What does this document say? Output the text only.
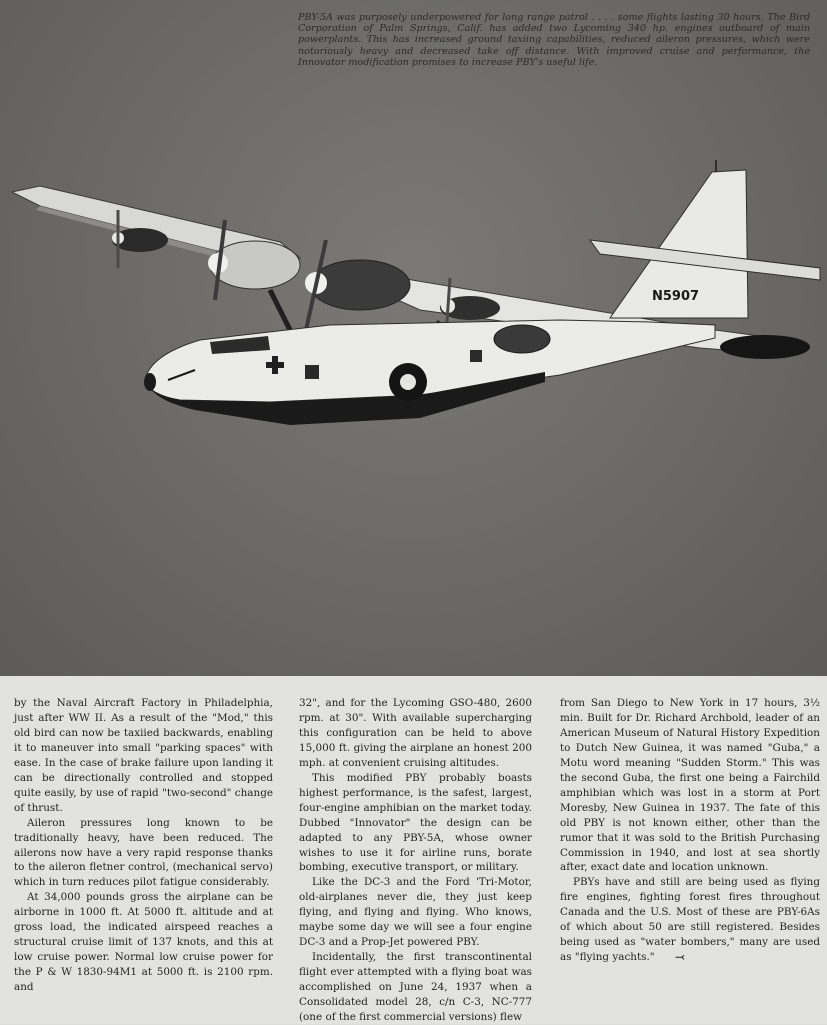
PBY-5A was purposely underpowered for long range patrol . . . . some flights lasting 30 hours. The Bird Corporation of Palm Springs, Calif. has added two Lycoming 340 hp. engines outboard of main powerplants. This has increased ground taxiing capabilities, reduced aileron pressures, which were notoriously heavy and decreased take off distance. With improved cruise and performance, the Innovator modification promises to increase PBY's useful life.

N5907

by the Naval Aircraft Factory in Philadelphia, just after WW II. As a result of the "Mod," this old bird can now be taxiied backwards, enabling it to maneuver into small "parking spaces" with ease. In the case of brake failure upon landing it can be directionally controlled and stopped quite easily, by use of rapid "two-second" change of thrust.

Aileron pressures long known to be traditionally heavy, have been reduced. The ailerons now have a very rapid response thanks to the aileron fletner control, (mechanical servo) which in turn reduces pilot fatigue considerably.

At 34,000 pounds gross the airplane can be airborne in 1000 ft. At 5000 ft. altitude and at gross load, the indicated airspeed reaches a structural cruise limit of 137 knots, and this at low cruise power. Normal low cruise power for the P & W 1830-94M1 at 5000 ft. is 2100 rpm. and

32", and for the Lycoming GSO-480, 2600 rpm. at 30". With available supercharging this configuration can be held to above 15,000 ft. giving the airplane an honest 200 mph. at convenient cruising altitudes.

This modified PBY probably boasts highest performance, is the safest, largest, four-engine amphibian on the market today. Dubbed "Innovator" the design can be adapted to any PBY-5A, whose owner wishes to use it for airline runs, borate bombing, executive transport, or military.

Like the DC-3 and the Ford 'Tri-Motor, old-airplanes never die, they just keep flying, and flying and flying. Who knows, maybe some day we will see a four engine DC-3 and a Prop-Jet powered PBY.

Incidentally, the first transcontinental flight ever attempted with a flying boat was accomplished on June 24, 1937 when a Consolidated model 28, c/n C-3, NC-777 (one of the first commercial versions) flew

from San Diego to New York in 17 hours, 3½ min. Built for Dr. Richard Archbold, leader of an American Museum of Natural History Expedition to Dutch New Guinea, it was named "Guba," a Motu word meaning "Sudden Storm." This was the second Guba, the first one being a Fairchild amphibian which was lost in a storm at Port Moresby, New Guinea in 1937. The fate of this old PBY is not known either, other than the rumor that it was sold to the British Purchasing Commission in 1940, and lost at sea shortly after, exact date and location unknown.

PBYs have and still are being used as flying fire engines, fighting forest fires throughout Canada and the U.S. Most of these are PBY-6As of which about 50 are still registered. Besides being used as "water bombers," many are used as "flying yachts." ⤙
